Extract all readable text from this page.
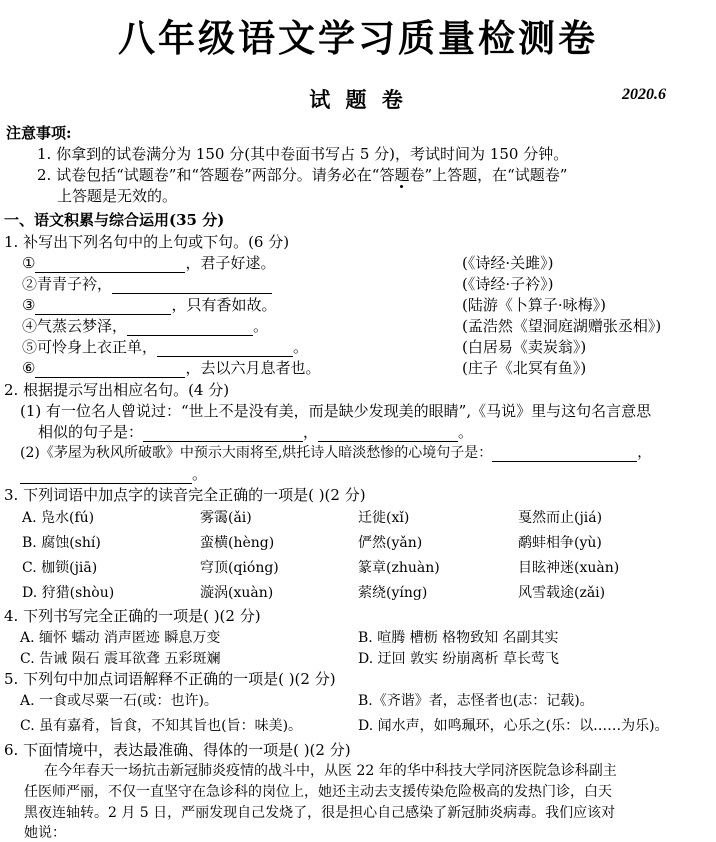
八年级语文学习质量检测卷
试 题 卷	2020.6
注意事项:
1. 你拿到的试卷满分为 150 分(其中卷面书写占 5 分)，考试时间为 150 分钟。
2. 试卷包括“试题卷”和“答题卷”两部分。请务必在“答题卷”上答题，在“试题卷”
上答题是无效的。
一、语文积累与综合运用(35 分)
1. 补写出下列名句中的上句或下句。(6 分)
①	，君子好逑。	(《诗经·关雎》)
②青青子衿，	(《诗经·子衿》)
③	，只有香如故。	(陆游《卜算子·咏梅》)
④气蒸云梦泽，	。	(孟浩然《望洞庭湖赠张丞相》)
⑤可怜身上衣正单，	。	(白居易《卖炭翁》)
⑥	，去以六月息者也。	(庄子《北冥有鱼》)
2. 根据提示写出相应名句。(4 分)
(1) 有一位名人曾说过：“世上不是没有美，而是缺少发现美的眼睛”,《马说》里与这句名言意思
相似的句子是：	，	。
(2)《茅屋为秋风所破歌》中预示大雨将至,烘托诗人暗淡愁惨的心境句子是：	，
。
3. 下列词语中加点字的读音完全正确的一项是( )(2 分)
A. 凫水(fú)	雾霭(ǎi)	迁徙(xǐ)	戛然而止(jiá)
B. 腐蚀(shí)	蛮横(hèng)	俨然(yǎn)	鹬蚌相争(yù)
C. 枷锁(jiā)	穹顶(qióng)	篆章(zhuàn)	目眩神迷(xuàn)
D. 狩猎(shòu)	漩涡(xuàn)	萦绕(yíng)	风雪载途(zǎi)
4. 下列书写完全正确的一项是( )(2 分)
A. 缅怀 蠕动 消声匿迹 瞬息万变	B. 喧腾 槽枥 格物致知 名副其实
C. 告诫 陨石 震耳欲聋 五彩斑斓	D. 迂回 敦实 纷崩离析 草长莺飞
5. 下列句中加点词语解释不正确的一项是( )(2 分)
A. 一食或尽粟一石(或：也许)。	B.《齐谐》者，志怪者也(志：记载)。
C. 虽有嘉肴，旨食，不知其旨也(旨：味美)。	D. 闻水声，如鸣珮环，心乐之(乐：以……为乐)。
6. 下面情境中，表达最准确、得体的一项是( )(2 分)
在今年春天一场抗击新冠肺炎疫情的战斗中，从医 22 年的华中科技大学同济医院急诊科副主
任医师严丽，不仅一直坚守在急诊科的岗位上，她还主动去支援传染危险极高的发热门诊，白天
黑夜连轴转。2 月 5 日，严丽发现自己发烧了，很是担心自己感染了新冠肺炎病毒。我们应该对
她说：
